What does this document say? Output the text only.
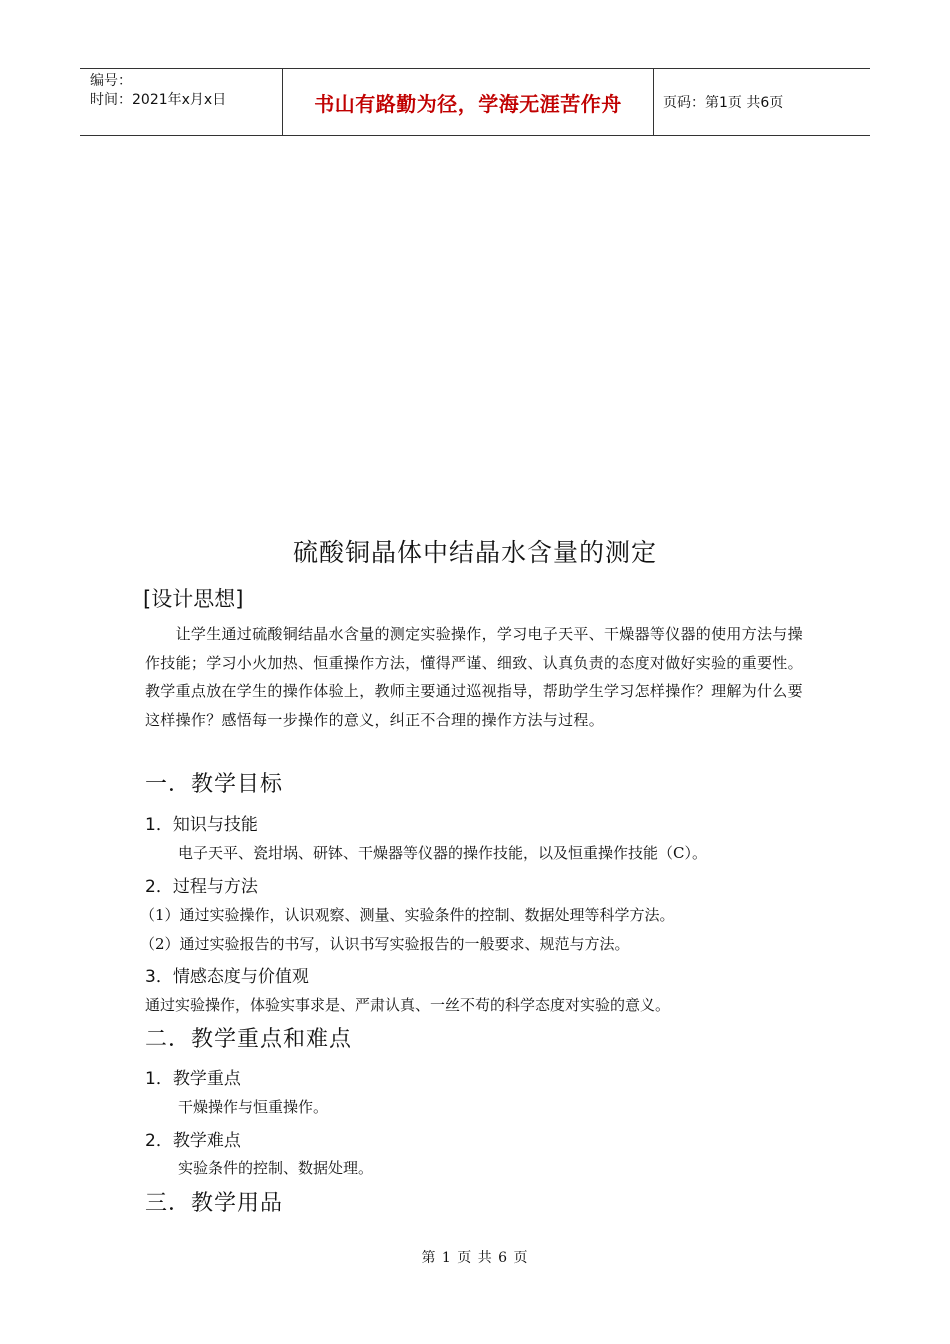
编号：
时间：2021年x月x日	书山有路勤为径，学海无涯苦作舟	页码：第1页 共6页
硫酸铜晶体中结晶水含量的测定
[设计思想]
　　让学生通过硫酸铜结晶水含量的测定实验操作，学习电子天平、干燥器等仪器的使用方法与操作技能；学习小火加热、恒重操作方法，懂得严谨、细致、认真负责的态度对做好实验的重要性。教学重点放在学生的操作体验上，教师主要通过巡视指导，帮助学生学习怎样操作？理解为什么要这样操作？感悟每一步操作的意义，纠正不合理的操作方法与过程。
一．教学目标
1．知识与技能
电子天平、瓷坩埚、研钵、干燥器等仪器的操作技能，以及恒重操作技能（C）。
2．过程与方法
（1）通过实验操作，认识观察、测量、实验条件的控制、数据处理等科学方法。
（2）通过实验报告的书写，认识书写实验报告的一般要求、规范与方法。
3．情感态度与价值观
通过实验操作，体验实事求是、严肃认真、一丝不苟的科学态度对实验的意义。
二．教学重点和难点
1．教学重点
干燥操作与恒重操作。
2．教学难点
实验条件的控制、数据处理。
三．教学用品
第 1 页 共 6 页
